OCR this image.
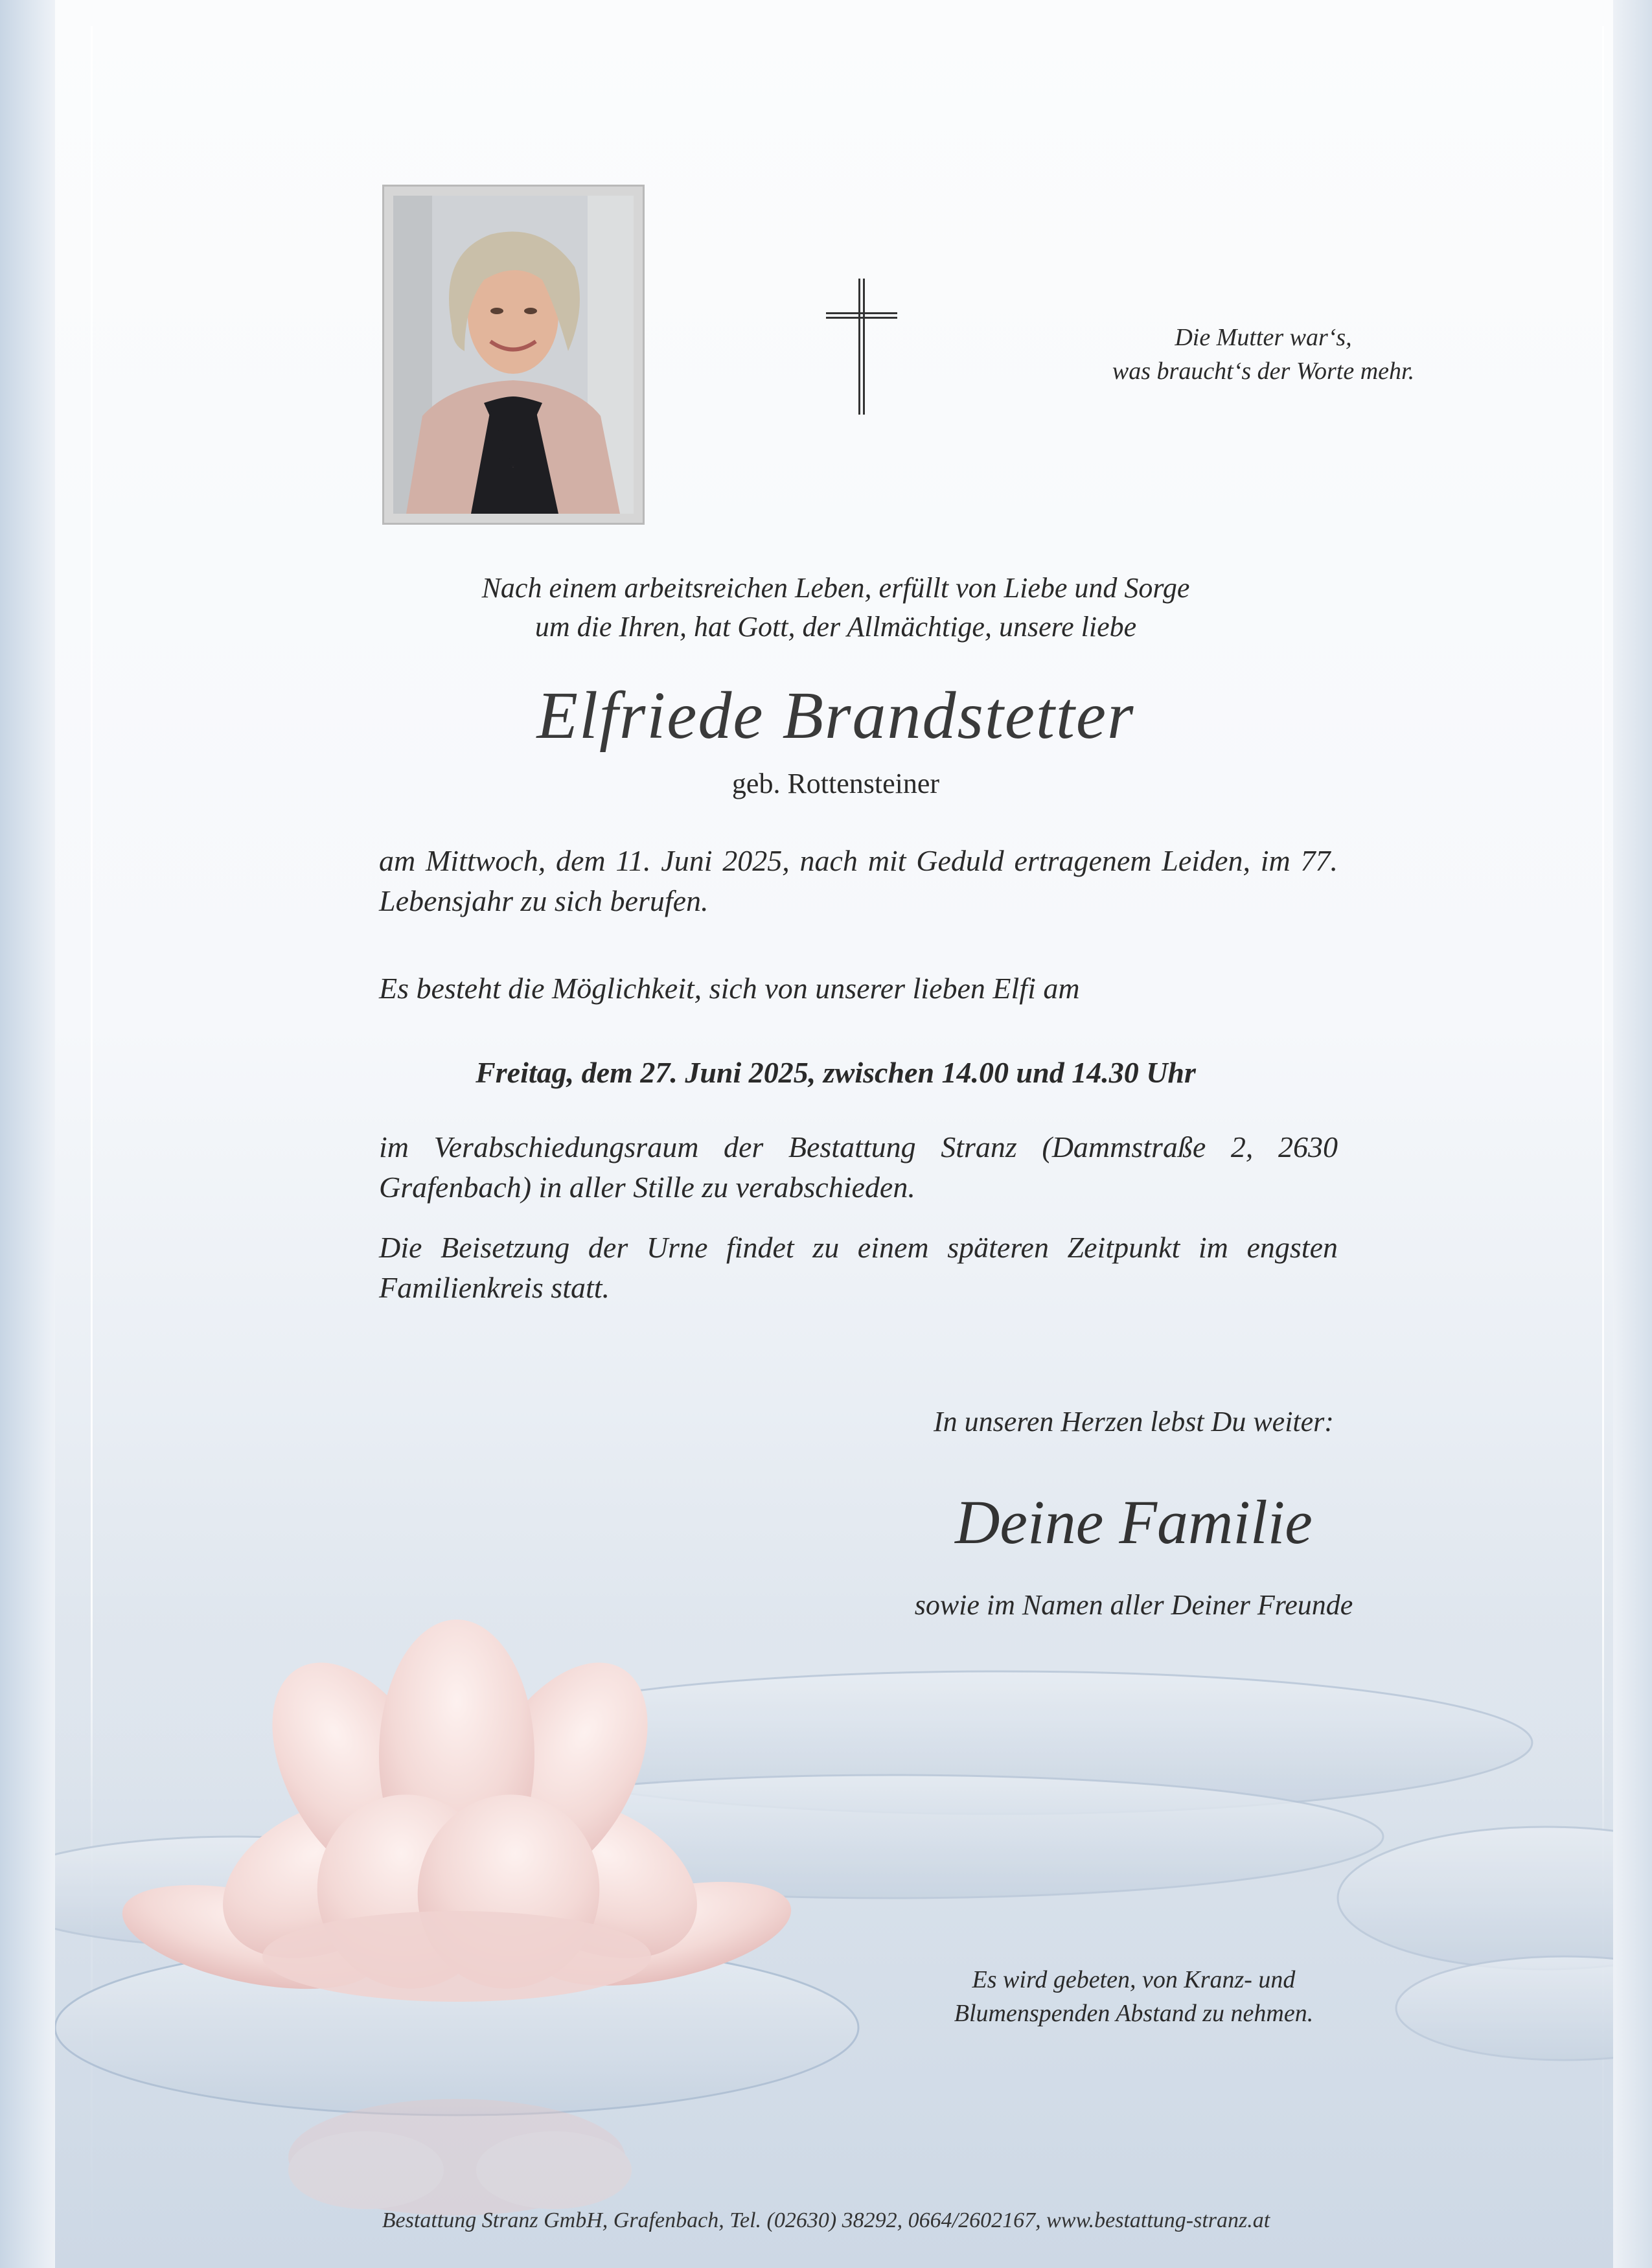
Die Mutter war‘s,
was braucht‘s der Worte mehr.
Nach einem arbeitsreichen Leben, erfüllt von Liebe und Sorge
um die Ihren, hat Gott, der Allmächtige, unsere liebe
Elfriede Brandstetter
geb. Rottensteiner
am Mittwoch, dem 11. Juni 2025, nach mit Geduld ertragenem Leiden, im 77. Lebensjahr zu sich berufen.
Es besteht die Möglichkeit, sich von unserer lieben Elfi am
Freitag, dem 27. Juni 2025, zwischen 14.00 und 14.30 Uhr
im Verabschiedungsraum der Bestattung Stranz (Dammstraße 2, 2630 Grafenbach) in aller Stille zu verabschieden.
Die Beisetzung der Urne findet zu einem späteren Zeitpunkt im engsten Familienkreis statt.
In unseren Herzen lebst Du weiter:
Deine Familie
sowie im Namen aller Deiner Freunde
Es wird gebeten, von Kranz- und
Blumenspenden Abstand zu nehmen.
Bestattung Stranz GmbH, Grafenbach, Tel. (02630) 38292, 0664/2602167, www.bestattung-stranz.at
